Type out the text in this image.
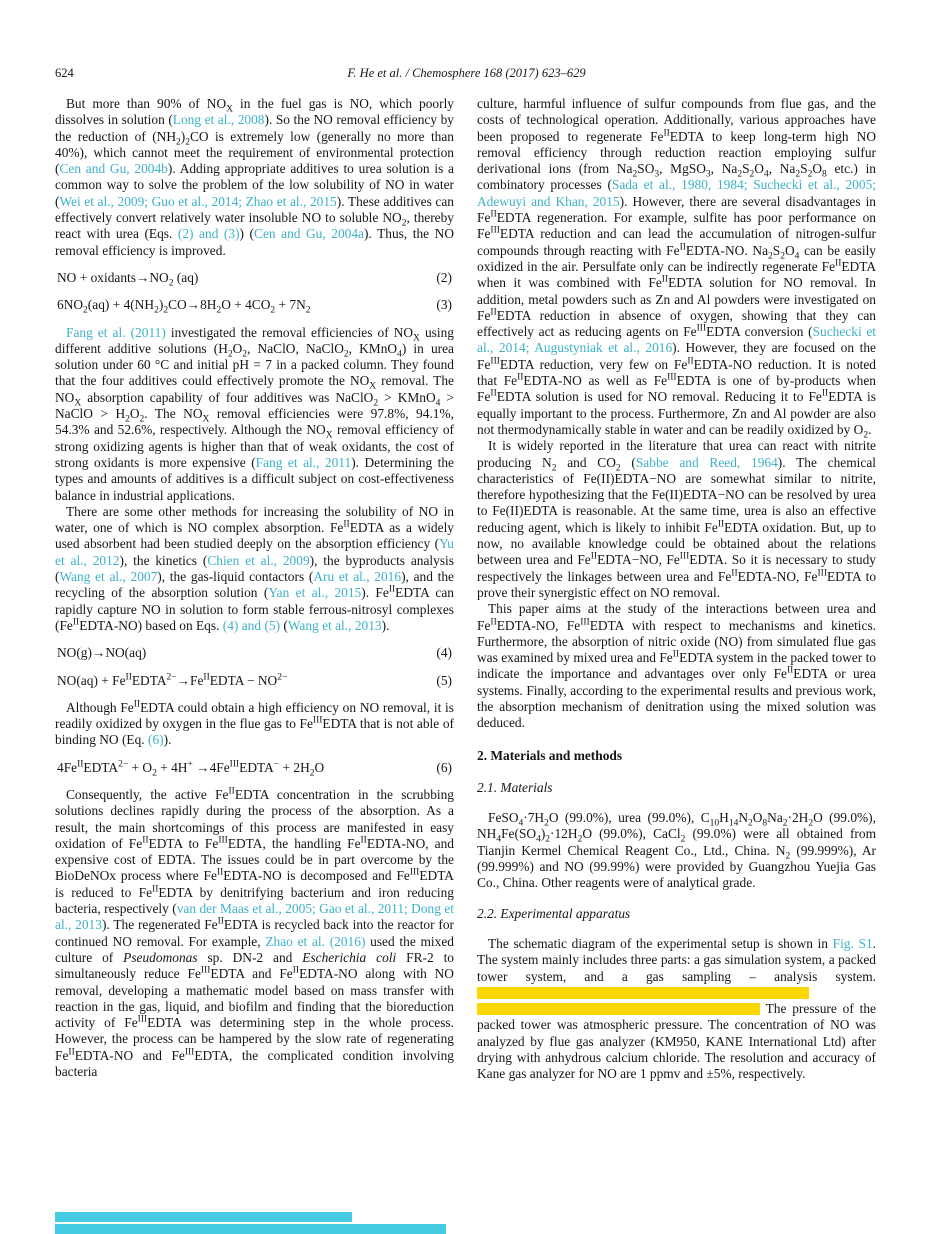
624	F. He et al. / Chemosphere 168 (2017) 623–629

But more than 90% of $NO_X$ in the fuel gas is NO, which poorly dissolves in solution (Long et al., 2008). So the NO removal efficiency by the reduction of $(NH_2)_2CO$ is extremely low (generally no more than 40%), which cannot meet the requirement of environmental protection (Cen and Gu, 2004b). Adding appropriate additives to urea solution is a common way to solve the problem of the low solubility of NO in water (Wei et al., 2009; Guo et al., 2014; Zhao et al., 2015). These additives can effectively convert relatively water insoluble NO to soluble $NO_2$, thereby react with urea (Eqs. (2) and (3)) (Cen and Gu, 2004a). Thus, the NO removal efficiency is improved.

NO + $oxidants\to NO_2$ (aq)	(2)
$6NO_2(aq) + 4(NH_2)_2CO\to 8H_2O + 4CO_2 + 7N_2$	(3)

Fang et al. (2011) investigated the removal efficiencies of $NO_X$ using different additive solutions ($H_2O_2$, NaClO, NaClO$_2$, KMnO$_4$) in urea solution under 60 °C and initial pH = 7 in a packed column. They found that the four additives could effectively promote the $NO_X$ removal. The $NO_X$ absorption capability of four additives was NaClO$_2$ > KMnO$_4$ > NaClO > $H_2O_2$. The $NO_X$ removal efficiencies were 97.8%, 94.1%, 54.3% and 52.6%, respectively. Although the $NO_X$ removal efficiency of strong oxidizing agents is higher than that of weak oxidants, the cost of strong oxidants is more expensive (Fang et al., 2011). Determining the types and amounts of additives is a difficult subject on cost-effectiveness balance in industrial applications.

There are some other methods for increasing the solubility of NO in water, one of which is NO complex absorption. $Fe^{II}EDTA$ as a widely used absorbent had been studied deeply on the absorption efficiency (Yu et al., 2012), the kinetics (Chien et al., 2009), the byproducts analysis (Wang et al., 2007), the gas-liquid contactors (Aru et al., 2016), and the recycling of the absorption solution (Yan et al., 2015). $Fe^{II}EDTA$ can rapidly capture NO in solution to form stable ferrous-nitrosyl complexes $(Fe^{II}EDTA-NO)$ based on Eqs. (4) and (5) (Wang et al., 2013).

NO(g)→NO(aq)	(4)
$NO(aq) + Fe^{II}EDTA^{2-}\to Fe^{II}EDTA - NO^{2-}$	(5)

Although $Fe^{II}EDTA$ could obtain a high efficiency on NO removal, it is readily oxidized by oxygen in the flue gas to $Fe^{III}EDTA$ that is not able of binding NO (Eq. (6)).

$4Fe^{II}EDTA^{2-} + O_2 + 4H^+$ $\to 4Fe^{III}EDTA^- + 2H_2O$	(6)

Consequently, the active $Fe^{II}EDTA$ concentration in the scrubbing solutions declines rapidly during the process of the absorption. As a result, the main shortcomings of this process are manifested in easy oxidation of $Fe^{II}EDTA$ to $Fe^{III}EDTA$, the handling $Fe^{II}EDTA-NO$, and expensive cost of EDTA. The issues could be in part overcome by the BioDeNOx process where $Fe^{II}EDTA-NO$ is decomposed and $Fe^{III}EDTA$ is reduced to $Fe^{II}EDTA$ by denitrifying bacterium and iron reducing bacteria, respectively (van der Maas et al., 2005; Gao et al., 2011; Dong et al., 2013). The regenerated $Fe^{II}EDTA$ is recycled back into the reactor for continued NO removal. For example, Zhao et al. (2016) used the mixed culture of Pseudomonas sp. DN-2 and Escherichia coli FR-2 to simultaneously reduce $Fe^{III}EDTA$ and $Fe^{II}EDTA-NO$ along with NO removal, developing a mathematic model based on mass transfer with reaction in the gas, liquid, and biofilm and finding that the bioreduction activity of $Fe^{III}EDTA$ was determining step in the whole process. However, the process can be hampered by the slow rate of regenerating $Fe^{II}EDTA-NO$ and $Fe^{III}EDTA$, the complicated condition involving bacteria

culture, harmful influence of sulfur compounds from flue gas, and the costs of technological operation. Additionally, various approaches have been proposed to regenerate $Fe^{II}EDTA$ to keep long-term high NO removal efficiency through reduction reaction employing sulfur derivational ions (from $Na_2SO_3$, MgSO$_3$, $Na_2S_2O_4$, $Na_2S_2O_8$ etc.) in combinatory processes (Sada et al., 1980, 1984; Suchecki et al., 2005; Adewuyi and Khan, 2015). However, there are several disadvantages in $Fe^{II}EDTA$ regeneration. For example, sulfite has poor performance on $Fe^{III}EDTA$ reduction and can lead the accumulation of nitrogen-sulfur compounds through reacting with $Fe^{II}EDTA-NO$. $Na_2S_2O_4$ can be easily oxidized in the air. Persulfate only can be indirectly regenerate $Fe^{II}EDTA$ when it was combined with $Fe^{II}EDTA$ solution for NO removal. In addition, metal powders such as Zn and Al powders were investigated on $Fe^{II}EDTA$ reduction in absence of oxygen, showing that they can effectively act as reducing agents on $Fe^{III}EDTA$ conversion (Suchecki et al., 2014; Augustyniak et al., 2016). However, they are focused on the $Fe^{III}EDTA$ reduction, very few on $Fe^{II}EDTA-NO$ reduction. It is noted that $Fe^{II}EDTA-NO$ as well as $Fe^{III}EDTA$ is one of by-products when $Fe^{II}EDTA$ solution is used for NO removal. Reducing it to $Fe^{II}EDTA$ is equally important to the process. Furthermore, Zn and Al powder are also not thermodynamically stable in water and can be readily oxidized by $O_2$.

It is widely reported in the literature that urea can react with nitrite producing $N_2$ and $CO_2$ (Sabbe and Reed, 1964). The chemical characteristics of Fe(II)EDTA−NO are somewhat similar to nitrite, therefore hypothesizing that the Fe(II)EDTA−NO can be resolved by urea to Fe(II)EDTA is reasonable. At the same time, urea is also an effective reducing agent, which is likely to inhibit $Fe^{II}EDTA$ oxidation. But, up to now, no available knowledge could be obtained about the relations between urea and $Fe^{II}EDTA-NO$, $Fe^{III}EDTA$. So it is necessary to study respectively the linkages between urea and $Fe^{II}EDTA-NO$, $Fe^{III}EDTA$ to prove their synergistic effect on NO removal.

This paper aims at the study of the interactions between urea and $Fe^{II}EDTA-NO$, $Fe^{III}EDTA$ with respect to mechanisms and kinetics. Furthermore, the absorption of nitric oxide (NO) from simulated flue gas was examined by mixed urea and $Fe^{II}EDTA$ system in the packed tower to indicate the importance and advantages over only $Fe^{II}EDTA$ or urea systems. Finally, according to the experimental results and previous work, the absorption mechanism of denitration using the mixed solution was deduced.

2. Materials and methods
2.1. Materials

$FeSO_4\cdot 7H_2O$ (99.0%), urea (99.0%), $C_{10}H_{14}N_2O_8Na_2\cdot 2H_2O$ (99.0%), $NH_4Fe(SO_4)_2\cdot 12H_2O$ (99.0%), CaCl$_2$ (99.0%) were all obtained from Tianjin Kermel Chemical Reagent Co., Ltd., China. $N_2$ (99.999%), Ar (99.999%) and NO (99.99%) were provided by Guangzhou Yuejia Gas Co., China. Other reagents were of analytical grade.

2.2. Experimental apparatus

The schematic diagram of the experimental setup is shown in Fig. S1. The system mainly includes three parts: a gas simulation system, a packed tower system, and a gas sampling – analysis system.   The pressure of the packed tower was atmospheric pressure. The concentration of NO was analyzed by flue gas analyzer (KM950, KANE International Ltd) after drying with anhydrous calcium chloride. The resolution and accuracy of Kane gas analyzer for NO are 1 ppmv and ±5%, respectively.
